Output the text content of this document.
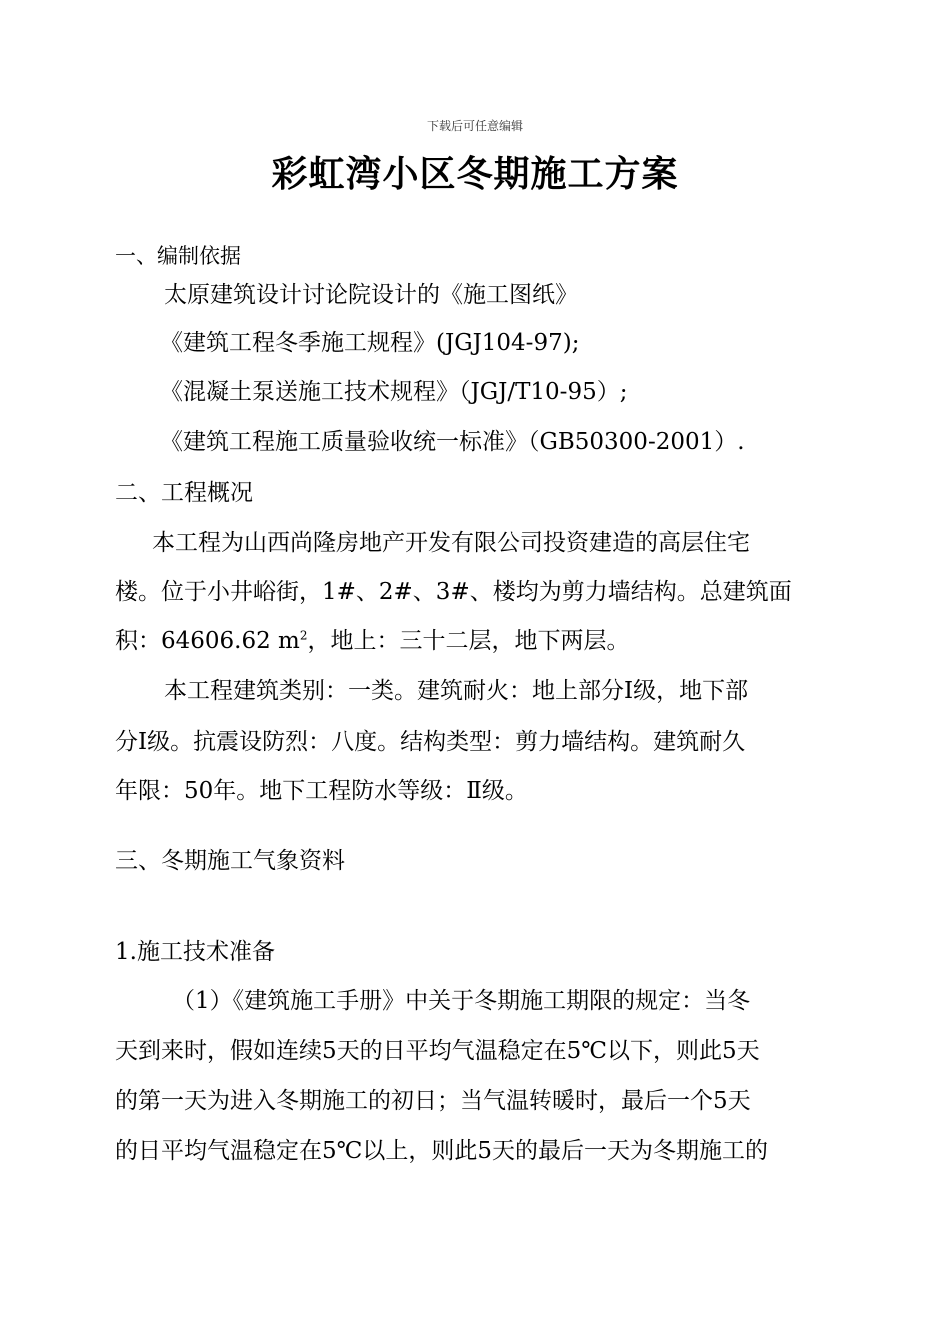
下载后可任意编辑
彩虹湾小区冬期施工方案
一、编制依据
太原建筑设计讨论院设计的《施工图纸》
《建筑工程冬季施工规程》(JGJ104-97);
《混凝土泵送施工技术规程》（JGJ/T10-95）;
《建筑工程施工质量验收统一标准》（GB50300-2001）.
二、工程概况
本工程为山西尚隆房地产开发有限公司投资建造的高层住宅
楼。位于小井峪街，1#、2#、3#、楼均为剪力墙结构。总建筑面
积：64606.62 $m^2$，地上：三十二层，地下两层。
本工程建筑类别：一类。建筑耐火：地上部分Ⅰ级，地下部
分Ⅰ级。抗震设防烈：八度。结构类型：剪力墙结构。建筑耐久
年限：50年。地下工程防水等级：Ⅱ级。
三、冬期施工气象资料
1.施工技术准备
（1）《建筑施工手册》中关于冬期施工期限的规定：当冬
天到来时，假如连续5天的日平均气温稳定在5℃以下，则此5天
的第一天为进入冬期施工的初日；当气温转暖时，最后一个5天
的日平均气温稳定在5℃以上，则此5天的最后一天为冬期施工的
